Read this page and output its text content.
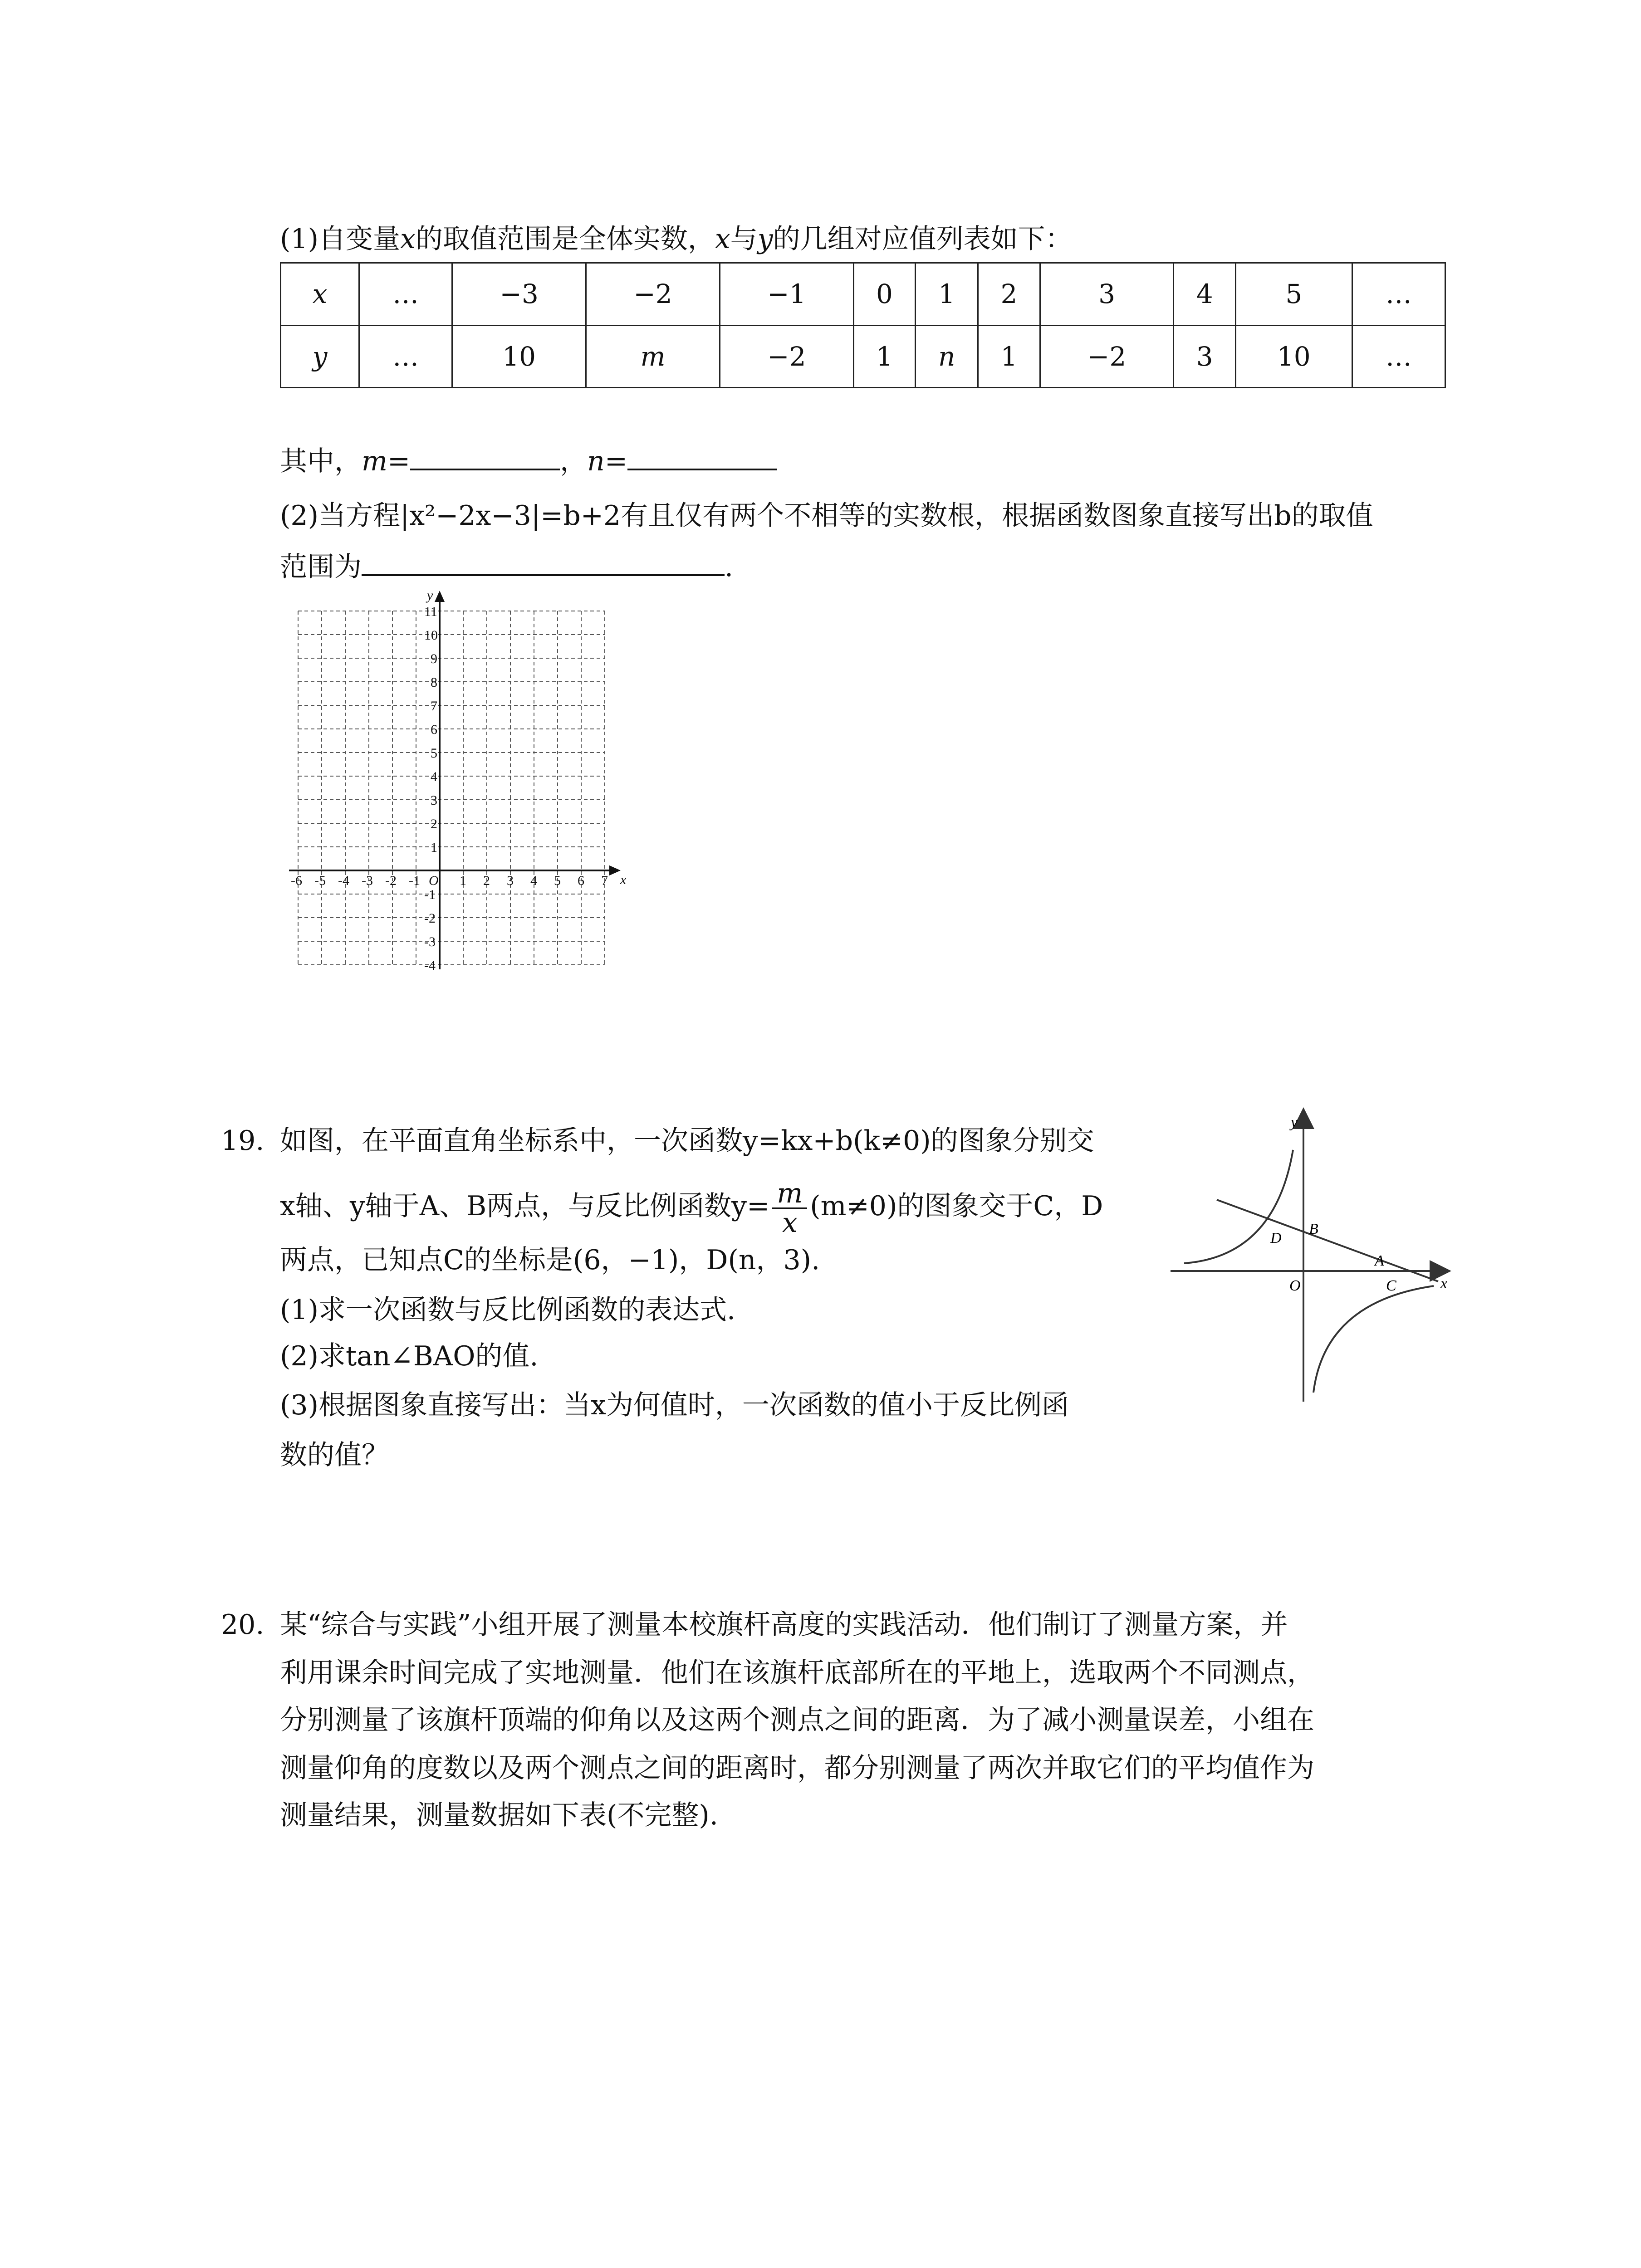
(1)自变量x的取值范围是全体实数，x与y的几组对应值列表如下：
x	…	−3	−2	−1	0	1	2	3	4	5	…
y	…	10	m	−2	1	n	1	−2	3	10	…
其中，m=	，n=
(2)当方程|x²−2x−3|=b+2有且仅有两个不相等的实数根，根据函数图象直接写出b的取值
范围为	.
-6 -5 -4 -3 -2 -1	1 2 3 4 5 6 7
11
10
9
8
7
6
5
4
3
2
1
-1
-2
-3
-4
O	x
y
19. 如图，在平面直角坐标系中，一次函数y=kx+b(k≠0)的图象分别交
x轴、y轴于A、B两点，与反比例函数$y= \frac{m}{x} (m\ne 0)$的图象交于C，D
两点，已知点C的坐标是(6，−1)，D(n，3).
(1)求一次函数与反比例函数的表达式.
(2)求tan∠BAO的值.
(3)根据图象直接写出：当x为何值时，一次函数的值小于反比例函
数的值？
y
x
O
B
D
A
C
20. 某“综合与实践”小组开展了测量本校旗杆高度的实践活动．他们制订了测量方案，并
利用课余时间完成了实地测量．他们在该旗杆底部所在的平地上，选取两个不同测点，
分别测量了该旗杆顶端的仰角以及这两个测点之间的距离．为了减小测量误差，小组在
测量仰角的度数以及两个测点之间的距离时，都分别测量了两次并取它们的平均值作为
测量结果，测量数据如下表(不完整).
